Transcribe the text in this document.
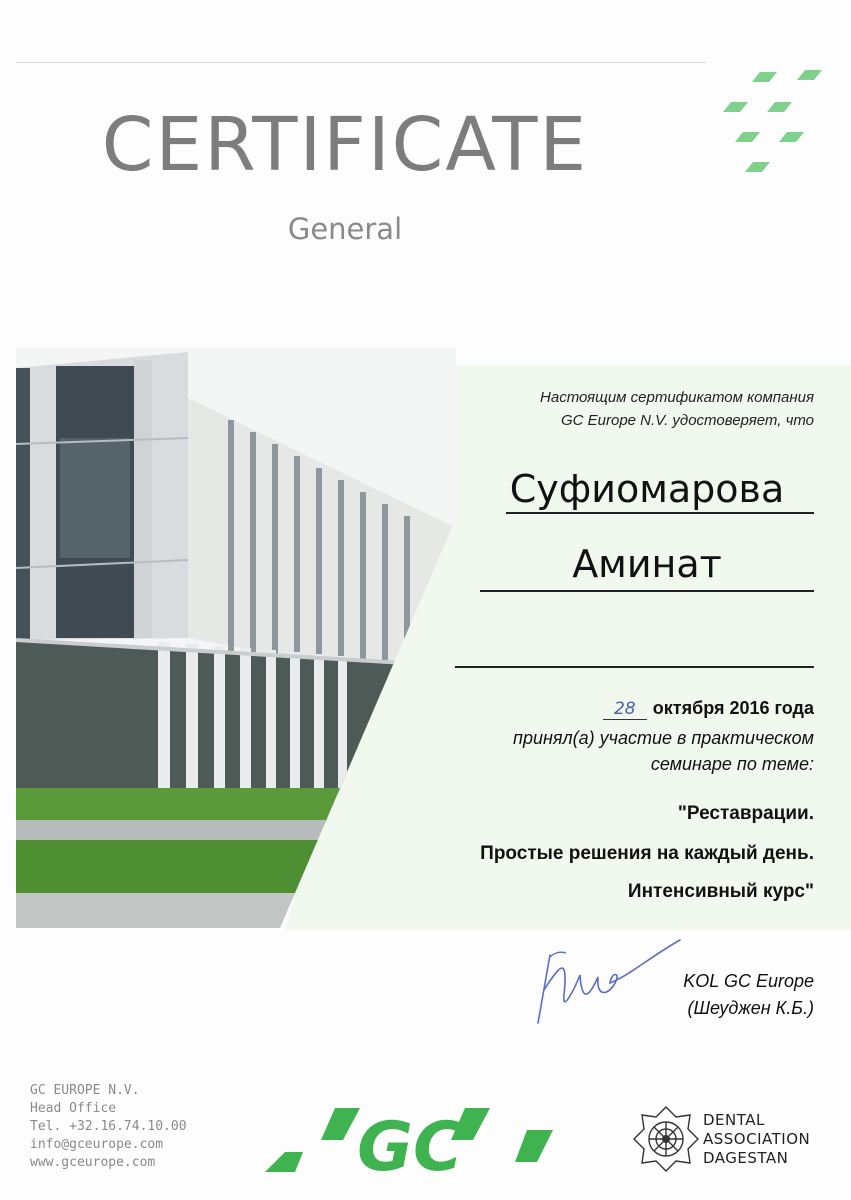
CERTIFICATE
General
Настоящим сертификатом компания
GC Europe N.V. удостоверяет, что
Суфиомарова
Аминат
28 октября 2016 года
принял(а) участие в практическом
семинаре по теме:
"Реставрации.
Простые решения на каждый день.
Интенсивный курс"
KOL GC Europe
(Шеуджен К.Б.)
GC EUROPE N.V.
Head Office
Tel. +32.16.74.10.00
info@gceurope.com
www.gceurope.com	GC	DENTAL
ASSOCIATION
DAGESTAN
